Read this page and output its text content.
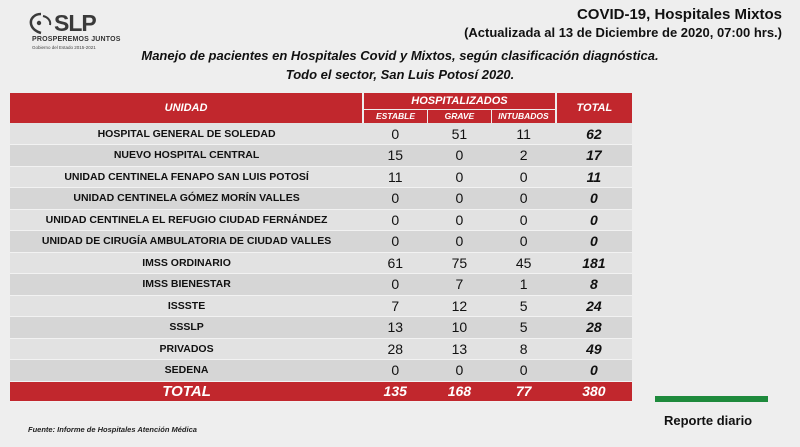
SLP
PROSPEREMOS JUNTOS
Gobierno del Estado 2015-2021
COVID-19, Hospitales Mixtos
(Actualizada al 13 de Diciembre de 2020, 07:00 hrs.)
Manejo de pacientes en Hospitales Covid y Mixtos, según clasificación diagnóstica.
Todo el sector, San Luis Potosí 2020.
UNIDAD	HOSPITALIZADOS			TOTAL
	ESTABLE	GRAVE	INTUBADOS	
HOSPITAL GENERAL DE SOLEDAD	0	51	11	62
NUEVO HOSPITAL CENTRAL	15	0	2	17
UNIDAD CENTINELA FENAPO SAN LUIS POTOSÍ	11	0	0	11
UNIDAD CENTINELA GÓMEZ MORÍN VALLES	0	0	0	0
UNIDAD CENTINELA EL REFUGIO CIUDAD FERNÁNDEZ	0	0	0	0
UNIDAD DE CIRUGÍA AMBULATORIA DE CIUDAD VALLES	0	0	0	0
IMSS ORDINARIO	61	75	45	181
IMSS BIENESTAR	0	7	1	8
ISSSTE	7	12	5	24
SSSLP	13	10	5	28
PRIVADOS	28	13	8	49
SEDENA	0	0	0	0
TOTAL	135	168	77	380
Reporte diario
Fuente: Informe de Hospitales Atención Médica
